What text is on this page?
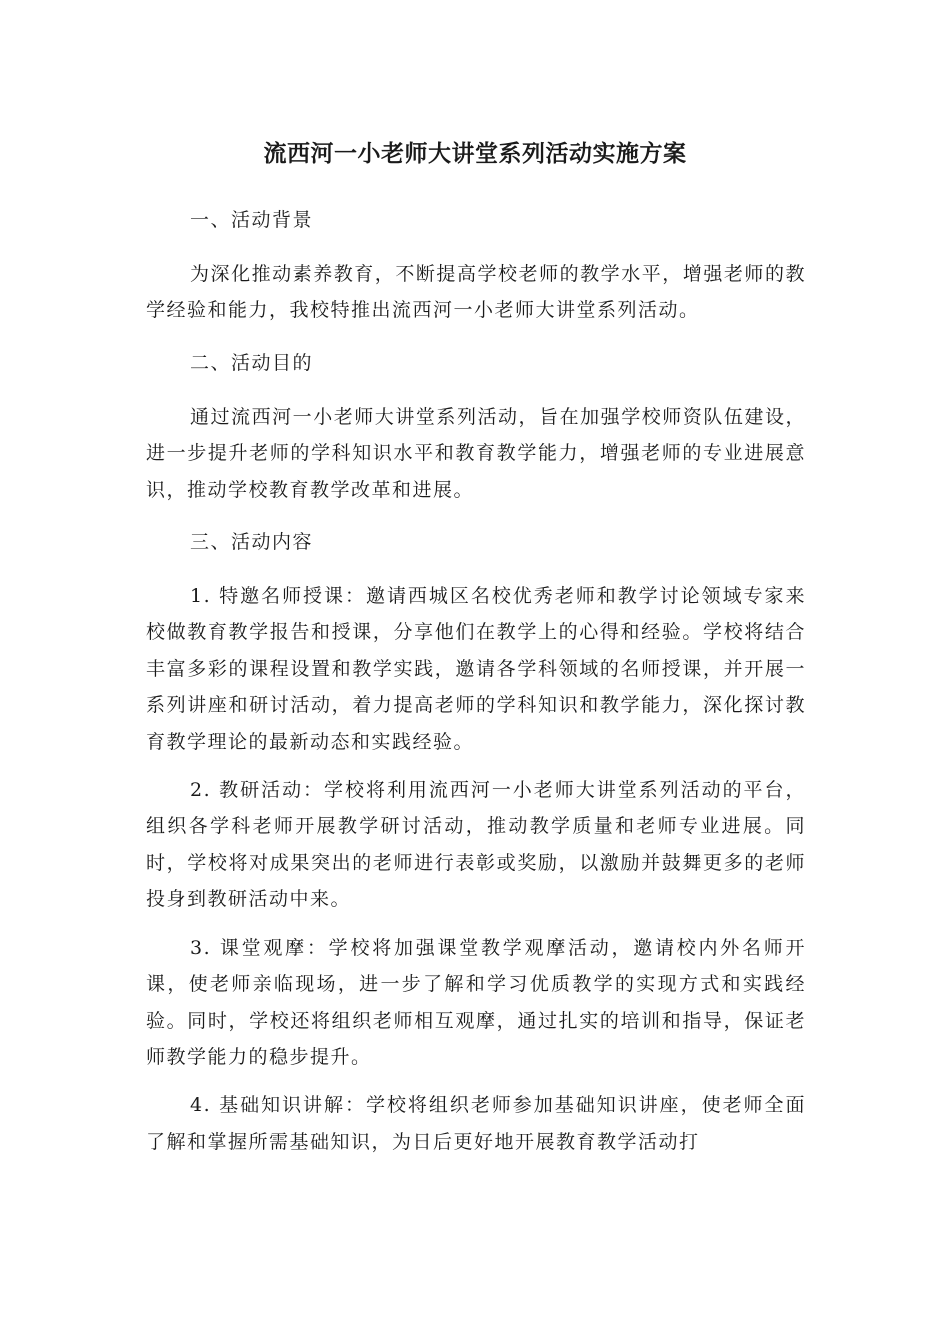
流西河一小老师大讲堂系列活动实施方案

一、活动背景

为深化推动素养教育，不断提高学校老师的教学水平，增强老师的教学经验和能力，我校特推出流西河一小老师大讲堂系列活动。

二、活动目的

通过流西河一小老师大讲堂系列活动，旨在加强学校师资队伍建设，进一步提升老师的学科知识水平和教育教学能力，增强老师的专业进展意识，推动学校教育教学改革和进展。

三、活动内容

1. 特邀名师授课：邀请西城区名校优秀老师和教学讨论领域专家来校做教育教学报告和授课，分享他们在教学上的心得和经验。学校将结合丰富多彩的课程设置和教学实践，邀请各学科领域的名师授课，并开展一系列讲座和研讨活动，着力提高老师的学科知识和教学能力，深化探讨教育教学理论的最新动态和实践经验。

2. 教研活动：学校将利用流西河一小老师大讲堂系列活动的平台，组织各学科老师开展教学研讨活动，推动教学质量和老师专业进展。同时，学校将对成果突出的老师进行表彰或奖励，以激励并鼓舞更多的老师投身到教研活动中来。

3. 课堂观摩：学校将加强课堂教学观摩活动，邀请校内外名师开课，使老师亲临现场，进一步了解和学习优质教学的实现方式和实践经验。同时，学校还将组织老师相互观摩，通过扎实的培训和指导，保证老师教学能力的稳步提升。

4. 基础知识讲解：学校将组织老师参加基础知识讲座，使老师全面了解和掌握所需基础知识，为日后更好地开展教育教学活动打
